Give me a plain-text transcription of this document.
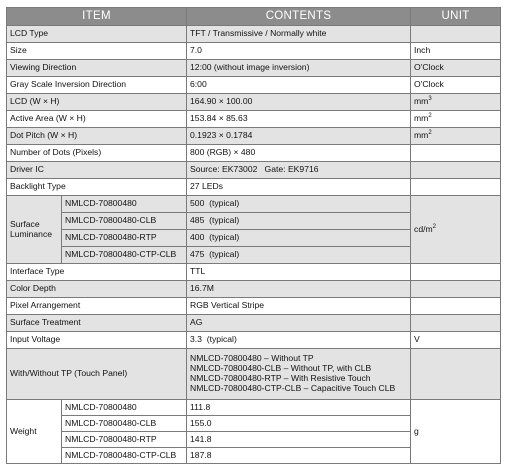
ITEM		CONTENTS	UNIT
LCD Type		TFT / Transmissive / Normally white	
Size		7.0	Inch
Viewing Direction		12:00 (without image inversion)	O'Clock
Gray Scale Inversion Direction		6:00	O'Clock
LCD (W × H)		164.90 × 100.00	$mm^3$
Active Area (W × H)		153.84 × 85.63	$mm^2$
Dot Pitch (W × H)		0.1923 × 0.1784	$mm^2$
Number of Dots (Pixels)		800 (RGB) × 480	
Driver IC		Source: EK73002   Gate: EK9716	
Backlight Type		27 LEDs	
Surface Luminance	NMLCD-70800480	500  (typical)	$cd/m^2$
	NMLCD-70800480-CLB	485  (typical)	
	NMLCD-70800480-RTP	400  (typical)	
	NMLCD-70800480-CTP-CLB	475  (typical)	
Interface Type		TTL	
Color Depth		16.7M	
Pixel Arrangement		RGB Vertical Stripe	
Surface Treatment		AG	
Input Voltage		3.3  (typical)	V
With/Without TP (Touch Panel)		NMLCD-70800480 – Without TP
NMLCD-70800480-CLB – Without TP, with CLB
NMLCD-70800480-RTP – With Resistive Touch
NMLCD-70800480-CTP-CLB – Capacitive Touch CLB	

Weight	NMLCD-70800480	111.8	g
	NMLCD-70800480-CLB	155.0	
	NMLCD-70800480-RTP	141.8	
	NMLCD-70800480-CTP-CLB	187.8	
